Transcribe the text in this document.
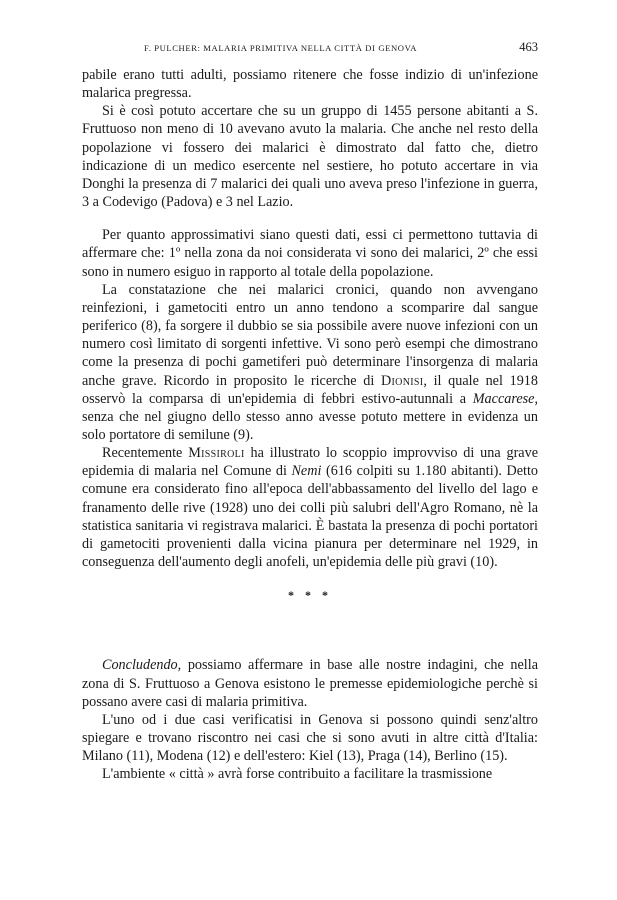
F. PULCHER: MALARIA PRIMITIVA NELLA CITTÀ DI GENOVA	463

pabile erano tutti adulti, possiamo ritenere che fosse indizio di un'infezione malarica pregressa.

Si è così potuto accertare che su un gruppo di 1455 persone abitanti a S. Fruttuoso non meno di 10 avevano avuto la malaria. Che anche nel resto della popolazione vi fossero dei malarici è dimostrato dal fatto che, dietro indicazione di un medico esercente nel sestiere, ho potuto accertare in via Donghi la presenza di 7 malarici dei quali uno aveva preso l'infezione in guerra, 3 a Codevigo (Padova) e 3 nel Lazio.

Per quanto approssimativi siano questi dati, essi ci permettono tuttavia di affermare che: 1º nella zona da noi considerata vi sono dei malarici, 2º che essi sono in numero esiguo in rapporto al totale della popolazione.

La constatazione che nei malarici cronici, quando non avvengano reinfezioni, i gametociti entro un anno tendono a scomparire dal sangue periferico (8), fa sorgere il dubbio se sia possibile avere nuove infezioni con un numero così limitato di sorgenti infettive. Vi sono però esempi che dimostrano come la presenza di pochi gametiferi può determinare l'insorgenza di malaria anche grave. Ricordo in proposito le ricerche di Dionisi, il quale nel 1918 osservò la comparsa di un'epidemia di febbri estivo-autunnali a Maccarese, senza che nel giugno dello stesso anno avesse potuto mettere in evidenza un solo portatore di semilune (9).

Recentemente Missiroli ha illustrato lo scoppio improvviso di una grave epidemia di malaria nel Comune di Nemi (616 colpiti su 1.180 abitanti). Detto comune era considerato fino all'epoca dell'abbassamento del livello del lago e franamento delle rive (1928) uno dei colli più salubri dell'Agro Romano, nè la statistica sanitaria vi registrava malarici. È bastata la presenza di pochi portatori di gametociti provenienti dalla vicina pianura per determinare nel 1929, in conseguenza dell'aumento degli anofeli, un'epidemia delle più gravi (10).

* * *

Concludendo, possiamo affermare in base alle nostre indagini, che nella zona di S. Fruttuoso a Genova esistono le premesse epidemiologiche perchè si possano avere casi di malaria primitiva.

L'uno od i due casi verificatisi in Genova si possono quindi senz'altro spiegare e trovano riscontro nei casi che si sono avuti in altre città d'Italia: Milano (11), Modena (12) e dell'estero: Kiel (13), Praga (14), Berlino (15).

L'ambiente « città » avrà forse contribuito a facilitare la trasmissione
